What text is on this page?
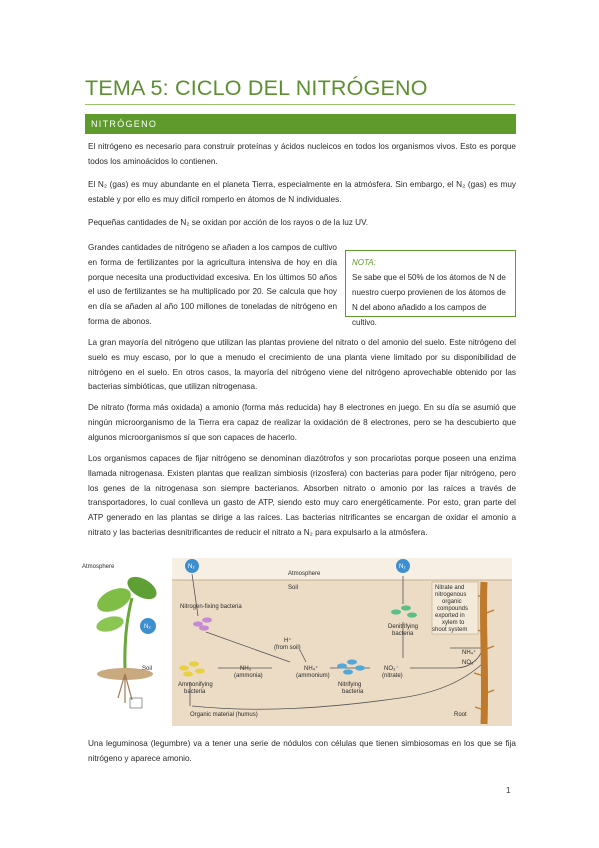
TEMA 5: CICLO DEL NITRÓGENO
NITRÓGENO

El nitrógeno es necesario para construir proteínas y ácidos nucleicos en todos los organismos vivos. Esto es porque todos los aminoácidos lo contienen.

El N₂ (gas) es muy abundante en el planeta Tierra, especialmente en la atmósfera. Sin embargo, el N₂ (gas) es muy estable y por ello es muy difícil romperlo en átomos de N individuales.

Pequeñas cantidades de N₂ se oxidan por acción de los rayos o de la luz UV.

Grandes cantidades de nitrógeno se añaden a los campos de cultivo en forma de fertilizantes por la agricultura intensiva de hoy en día porque necesita una productividad excesiva. En los últimos 50 años el uso de fertilizantes se ha multiplicado por 20. Se calcula que hoy en día se añaden al año 100 millones de toneladas de nitrógeno en forma de abonos.

NOTA:
Se sabe que el 50% de los átomos de N de nuestro cuerpo provienen de los átomos de N del abono añadido a los campos de cultivo.

La gran mayoría del nitrógeno que utilizan las plantas proviene del nitrato o del amonio del suelo. Este nitrógeno del suelo es muy escaso, por lo que a menudo el crecimiento de una planta viene limitado por su disponibilidad de nitrógeno en el suelo. En otros casos, la mayoría del nitrógeno viene del nitrógeno aprovechable obtenido por las bacterias simbióticas, que utilizan nitrogenasa.

De nitrato (forma más oxidada) a amonio (forma más reducida) hay 8 electrones en juego. En su día se asumió que ningún microorganismo de la Tierra era capaz de realizar la oxidación de 8 electrones, pero se ha descubierto que algunos microorganismos sí que son capaces de hacerlo.

Los organismos capaces de fijar nitrógeno se denominan diazótrofos y son procariotas porque poseen una enzima llamada nitrogenasa. Existen plantas que realizan simbiosis (rizosfera) con bacterias para poder fijar nitrógeno, pero los genes de la nitrogenasa son siempre bacterianos. Absorben nitrato o amonio por las raíces a través de transportadores, lo cual conlleva un gasto de ATP, siendo esto muy caro energéticamente. Por esto, gran parte del ATP generado en las plantas se dirige a las raíces. Las bacterias nitrificantes se encargan de oxidar el amonio a nitrato y las bacterias desnitrificantes de reducir el nitrato a N₂ para expulsarlo a la atmósfera.

N₂
Atmosphere
Soil
Atmosphere
Soil
N₂	N₂
Nitrogen-fixing bacteria
Ammonifying
bacteria
Nitrifying
bacteria
Denitrifying
bacteria
H⁺
(from soil)
NH₃
(ammonia)
NH₄⁺
(ammonium)
NO₃⁻
(nitrate)
Organic material (humus)
Nitrate and
nitrogenous
organic
compounds
exported in
xylem to
shoot system
NH₄⁺
NO₃⁻
Root

Una leguminosa (legumbre) va a tener una serie de nódulos con células que tienen simbiosomas en los que se fija nitrógeno y aparece amonio.

1
